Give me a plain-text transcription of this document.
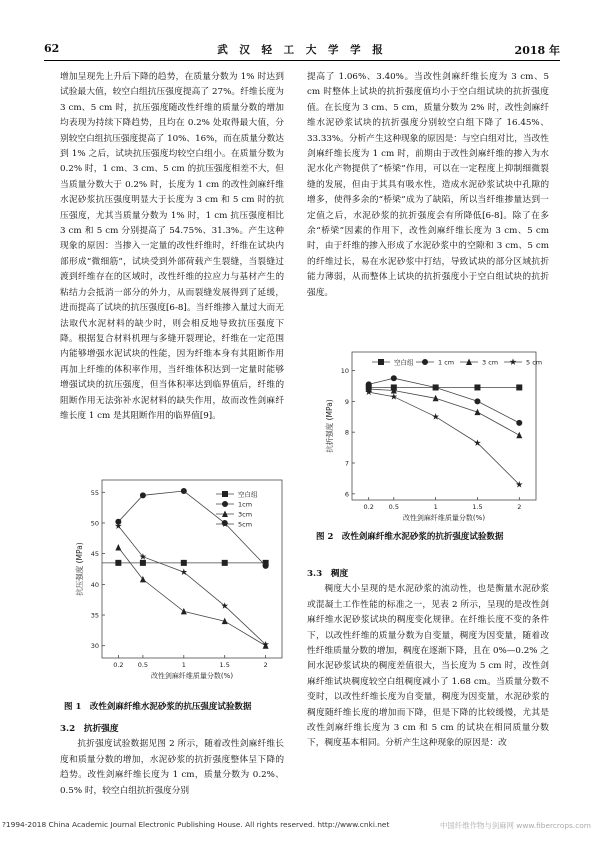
62	武 汉 轻 工 大 学 学 报	2018 年

增加呈现先上升后下降的趋势，在质量分数为 1% 时达到试验最大值，较空白组抗压强度提高了 27%。纤维长度为 3 cm、5 cm 时，抗压强度随改性纤维的质量分数的增加均表现为持续下降趋势，且均在 0.2% 处取得最大值，分别较空白组抗压强度提高了 10%、16%，而在质量分数达到 1% 之后，试块抗压强度均较空白组小。在质量分数为 0.2% 时，1 cm、3 cm、5 cm 的抗压强度相差不大，但当质量分数大于 0.2% 时，长度为 1 cm 的改性剑麻纤维水泥砂浆抗压强度明显大于长度为 3 cm 和 5 cm 时的抗压强度，尤其当质量分数为 1% 时，1 cm 抗压强度相比 3 cm 和 5 cm 分别提高了 54.75%、31.3%。产生这种现象的原因：当掺入一定量的改性纤维时，纤维在试块内部形成“微细筋”，试块受到外部荷载产生裂缝，当裂缝过渡到纤维存在的区域时，改性纤维的拉应力与基材产生的粘结力会抵消一部分的外力，从而裂缝发展得到了延缓，进而提高了试块的抗压强度[6-8]。当纤维掺入量过大而无法取代水泥材料的缺少时，则会相反地导致抗压强度下降。根据复合材料机理与多缝开裂理论，纤维在一定范围内能够增强水泥试块的性能，因为纤维本身有其阻断作用再加上纤维的体积率作用，当纤维体积达到一定量时能够增强试块的抗压强度，但当体积率达到临界值后，纤维的阻断作用无法弥补水泥材料的缺失作用，故而改性剑麻纤维长度 1 cm 是其阻断作用的临界值[9]。

提高了 1.06%、3.40%。当改性剑麻纤维长度为 3 cm、5 cm 时整体上试块的抗折强度值均小于空白组试块的抗折强度值。在长度为 3 cm、5 cm，质量分数为 2% 时，改性剑麻纤维水泥砂浆试块的抗折强度分别较空白组下降了 16.45%、33.33%。分析产生这种现象的原因是：与空白组对比，当改性剑麻纤维长度为 1 cm 时，前期由于改性剑麻纤维的掺入为水泥水化产物提供了“桥梁”作用，可以在一定程度上抑制细微裂缝的发展，但由于其具有吸水性，造成水泥砂浆试块中孔隙的增多，使得多余的“桥梁”成为了缺陷，所以当纤维掺量达到一定值之后，水泥砂浆的抗折强度会有所降低[6-8]。除了在多余“桥梁”因素的作用下，改性剑麻纤维长度为 3 cm、5 cm 时，由于纤维的掺入形成了水泥砂浆中的空隙和 3 cm、5 cm 的纤维过长，易在水泥砂浆中打结，导致试块的部分区域抗折能力薄弱，从而整体上试块的抗折强度小于空白组试块的抗折强度。

30
35
40
45
50
55
0.2 0.5	1	1.5	2
改性剑麻纤维质量分数(%)
抗压强度 (MPa)
空白组
1cm
3cm
5cm
图 1　改性剑麻纤维水泥砂浆的抗压强度试验数据

3.2　抗折强度

抗折强度试验数据见图 2 所示，随着改性剑麻纤维长度和质量分数的增加，水泥砂浆的抗折强度整体呈下降的趋势。改性剑麻纤维长度为 1 cm，质量分数为 0.2%、0.5% 时，较空白组抗折强度分别

6
7
8
9
10
0.2 0.5	1	1.5	2
改性剑麻纤维质量分数(%)
抗折强度 (MPa)
空白组	1 cm	3 cm	5 cm
图 2　改性剑麻纤维水泥砂浆的抗折强度试验数据

3.3　稠度

稠度大小呈现的是水泥砂浆的流动性，也是衡量水泥砂浆或混凝土工作性能的标准之一，见表 2 所示，呈现的是改性剑麻纤维水泥砂浆试块的稠度变化规律。在纤维长度不变的条件下，以改性纤维的质量分数为自变量，稠度为因变量，随着改性纤维质量分数的增加，稠度在逐渐下降，且在 0%—0.2% 之间水泥砂浆试块的稠度差值很大，当长度为 5 cm 时，改性剑麻纤维试块稠度较空白组稠度减小了 1.68 cm。当质量分数不变时，以改性纤维长度为自变量，稠度为因变量，水泥砂浆的稠度随纤维长度的增加而下降，但是下降的比较缓慢，尤其是改性剑麻纤维长度为 3 cm 和 5 cm 的试块在相同质量分数下，稠度基本相同。分析产生这种现象的原因是：改

?1994-2018 China Academic Journal Electronic Publishing House. All rights reserved. http://www.cnki.net	中国纤维作物与剑麻网 www.fibercrops.com
